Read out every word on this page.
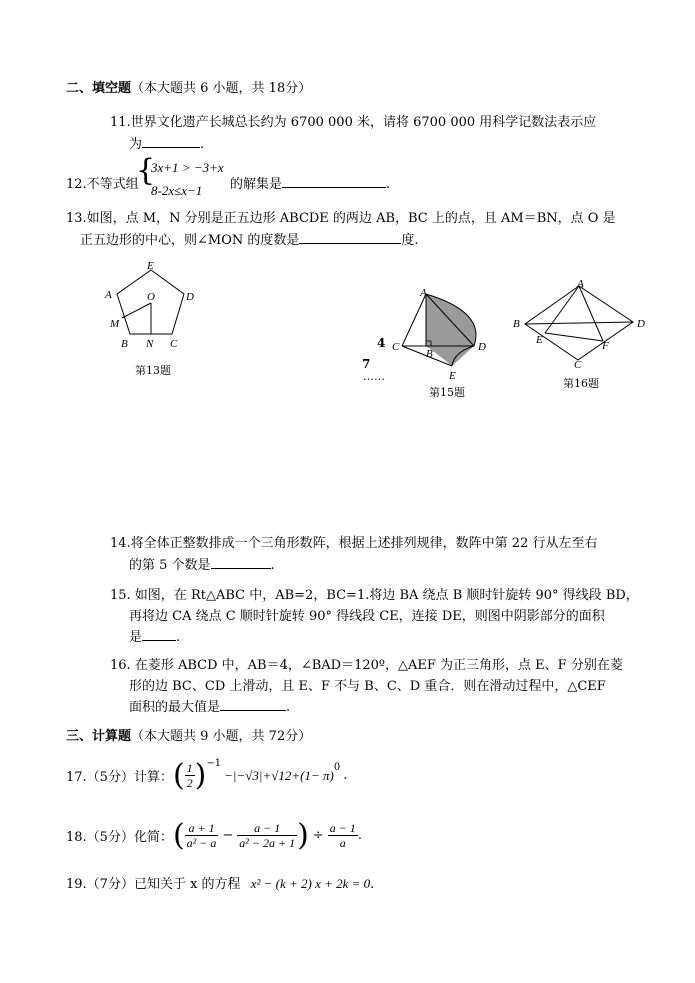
二、填空题（本大题共 6 小题，共 18分）
11.世界文化遗产长城总长约为 6700 000 米，请将 6700 000 用科学记数法表示应
为	.
12.不等式组
{
3x+1 > −3+x
8-2x≤x−1 的解集是	.
13.如图，点 M，N 分别是正五边形 ABCDE 的两边 AB，BC 上的点，且 AM＝BN，点 O 是
正五边形的中心，则∠MON 的度数是	度.
E
A	D
O
M
B N C
第13题
4
7
……
A
C
B
D
E
第15题
A
B	D
E	F
C
第16题
14.将全体正整数排成一个三角形数阵，根据上述排列规律，数阵中第 22 行从左至右
的第 5 个数是	.
15. 如图，在 Rt△ABC 中，AB=2，BC=1.将边 BA 绕点 B 顺时针旋转 90° 得线段 BD，
再将边 CA 绕点 C 顺时针旋转 90° 得线段 CE，连接 DE，则图中阴影部分的面积
是	.
16. 在菱形 ABCD 中，AB＝4，∠BAD＝120º，△AEF 为正三角形，点 E、F 分别在菱
形的边 BC、CD 上滑动，且 E、F 不与 B、C、D 重合．则在滑动过程中，△CEF
面积的最大值是	.
三、计算题（本大题共 9 小题，共 72分）
17.（5分）计算： ( $\frac{1}{2} )^{-1}$
$-|-√3|+√12+(1- \pi)^0$
.
18.（5分）化简： ( $\frac{a + 1}{\text{a² − a}} - \frac{a - 1}{\text{a² − 2a + 1}}$ ) ÷ $\frac{a - 1}{a}$ .
19.（7分）已知关于 x 的方程 x² − (k + 2) x + 2k = 0.
